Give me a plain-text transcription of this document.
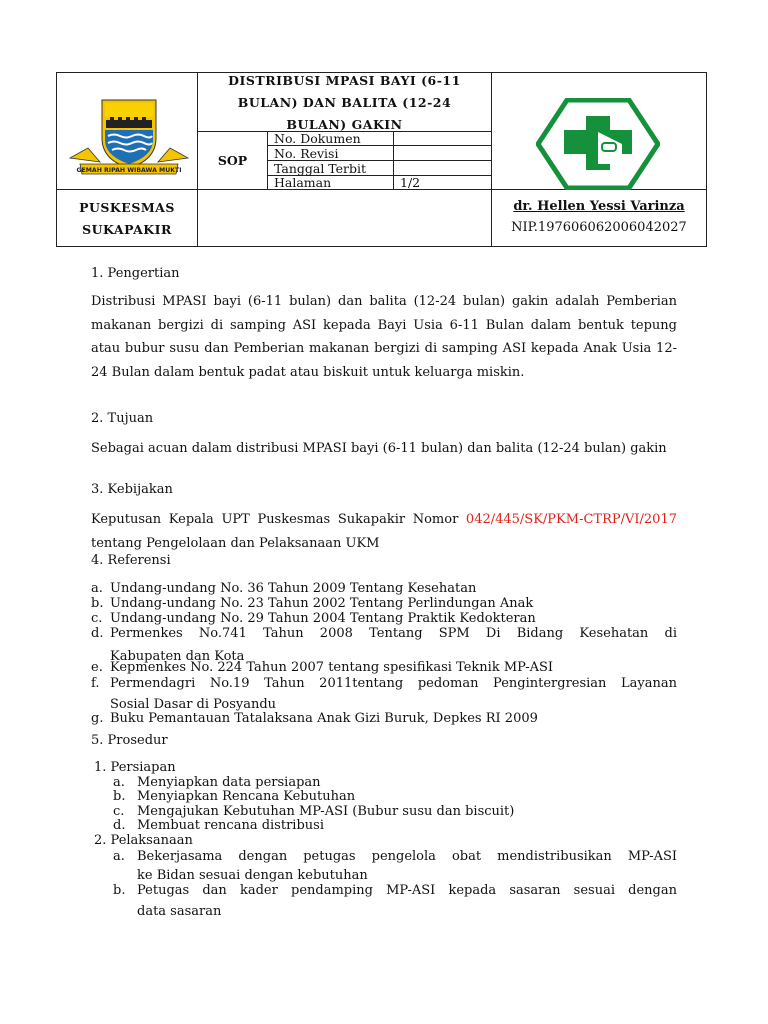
GEMAH RIPAH WIBAWA MUKTI
DISTRIBUSI MPASI BAYI (6-11
BULAN) DAN BALITA (12-24
BULAN) GAKIN
SOP
No. Dokumen
No. Revisi
Tanggal Terbit
Halaman	1/2
PUSKESMAS
SUKAPAKIR
dr. Hellen Yessi Varinza
NIP.197606062006042027
1. Pengertian
Distribusi MPASI bayi (6-11 bulan) dan balita (12-24 bulan) gakin adalah Pemberian makanan bergizi di samping ASI kepada Bayi Usia 6-11 Bulan dalam bentuk tepung atau bubur susu dan Pemberian makanan bergizi di samping ASI kepada Anak Usia 12-24 Bulan dalam bentuk padat atau biskuit untuk keluarga miskin.
2. Tujuan
Sebagai acuan dalam distribusi MPASI bayi (6-11 bulan) dan balita (12-24 bulan) gakin
3. Kebijakan
Keputusan Kepala UPT Puskesmas Sukapakir Nomor 042/445/SK/PKM-CTRP/VI/2017 tentang Pengelolaan dan Pelaksanaan UKM
4. Referensi
a. Undang-undang No. 36 Tahun 2009 Tentang Kesehatan
b. Undang-undang No. 23 Tahun 2002 Tentang Perlindungan Anak
c. Undang-undang No. 29 Tahun 2004 Tentang Praktik Kedokteran
d. Permenkes No.741 Tahun 2008 Tentang SPM Di Bidang Kesehatan di
Kabupaten dan Kota
e. Kepmenkes No. 224 Tahun 2007 tentang spesifikasi Teknik MP-ASI
f. Permendagri No.19 Tahun 2011tentang pedoman Pengintergresian Layanan
Sosial Dasar di Posyandu
g. Buku Pemantauan Tatalaksana Anak Gizi Buruk, Depkes RI 2009
5. Prosedur
1. Persiapan
a. Menyiapkan data persiapan
b. Menyiapkan Rencana Kebutuhan
c. Mengajukan Kebutuhan MP-ASI (Bubur susu dan biscuit)
d. Membuat rencana distribusi
2. Pelaksanaan
a. Bekerjasama dengan petugas pengelola obat mendistribusikan MP-ASI
ke Bidan sesuai dengan kebutuhan
b. Petugas dan kader pendamping MP-ASI kepada sasaran sesuai dengan
data sasaran
